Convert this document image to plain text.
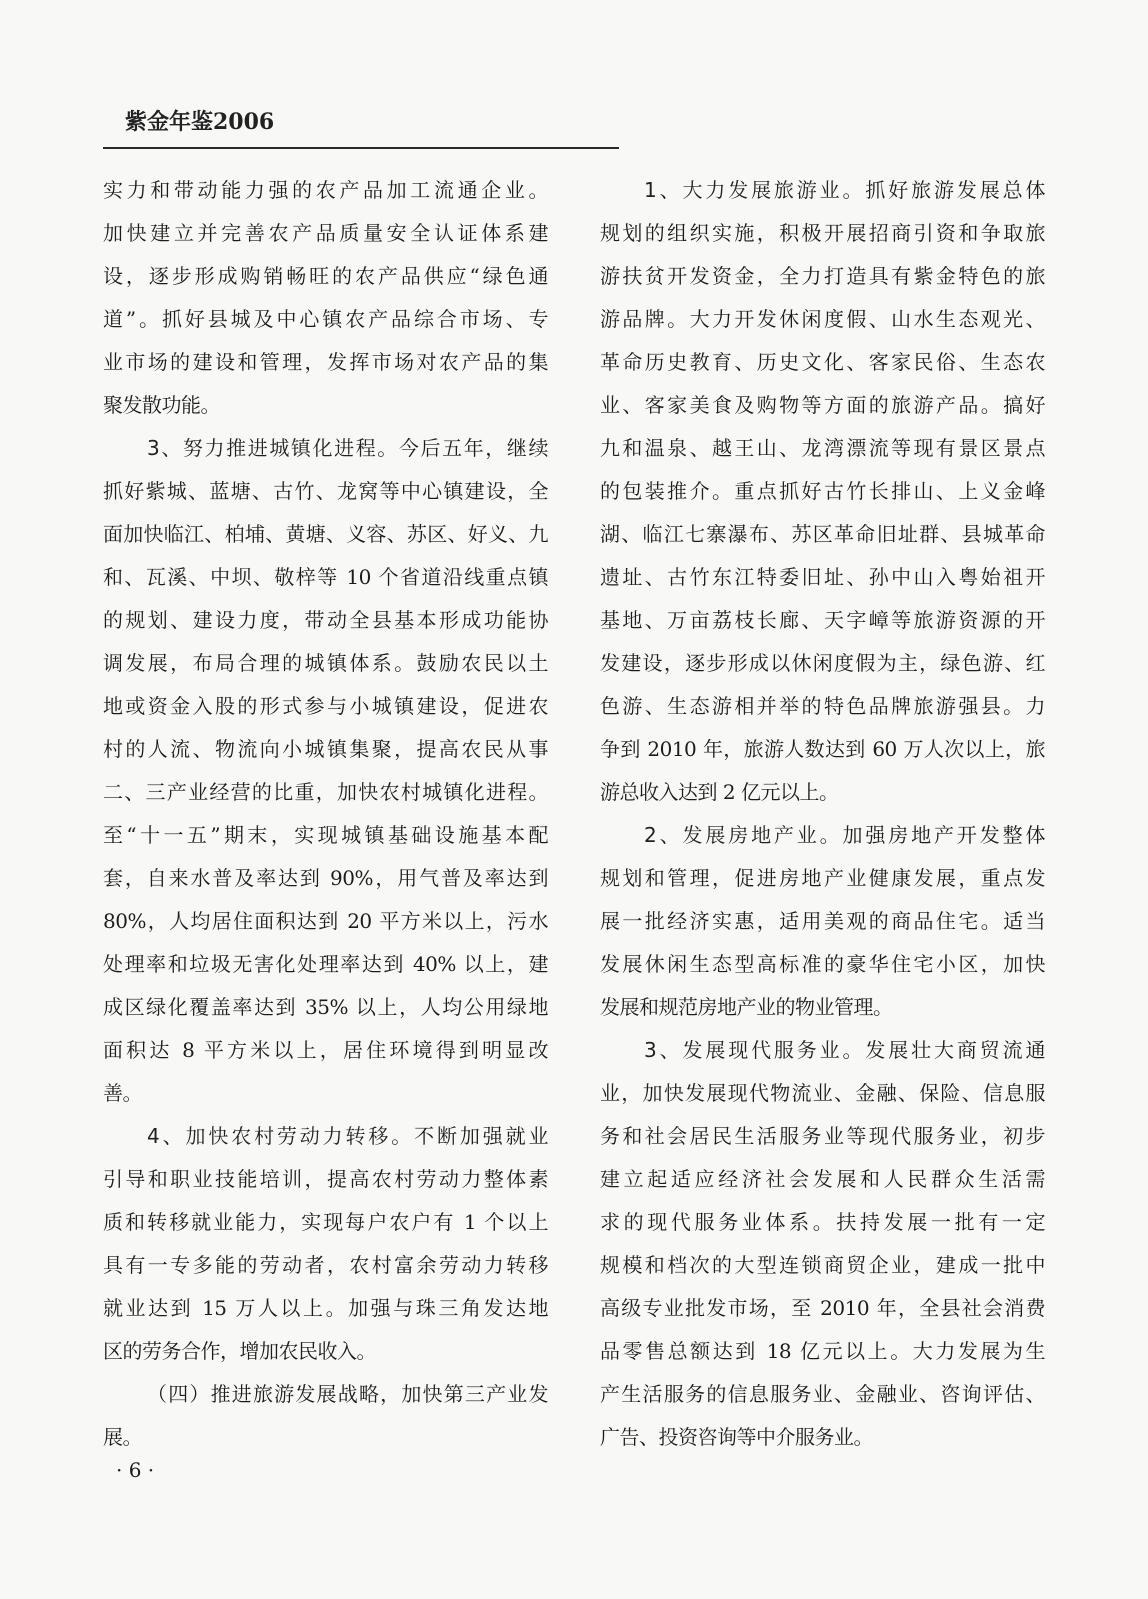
紫金年鉴2006
实力和带动能力强的农产品加工流通企业。
加快建立并完善农产品质量安全认证体系建
设，逐步形成购销畅旺的农产品供应“绿色通
道”。抓好县城及中心镇农产品综合市场、专
业市场的建设和管理，发挥市场对农产品的集
聚发散功能。
3、努力推进城镇化进程。今后五年，继续
抓好紫城、蓝塘、古竹、龙窝等中心镇建设，全
面加快临江、柏埔、黄塘、义容、苏区、好义、九
和、瓦溪、中坝、敬梓等 10 个省道沿线重点镇
的规划、建设力度，带动全县基本形成功能协
调发展，布局合理的城镇体系。鼓励农民以土
地或资金入股的形式参与小城镇建设，促进农
村的人流、物流向小城镇集聚，提高农民从事
二、三产业经营的比重，加快农村城镇化进程。
至“十一五”期末，实现城镇基础设施基本配
套，自来水普及率达到 90%，用气普及率达到
80%，人均居住面积达到 20 平方米以上，污水
处理率和垃圾无害化处理率达到 40% 以上，建
成区绿化覆盖率达到 35% 以上，人均公用绿地
面积达 8 平方米以上，居住环境得到明显改
善。
4、加快农村劳动力转移。不断加强就业
引导和职业技能培训，提高农村劳动力整体素
质和转移就业能力，实现每户农户有 1 个以上
具有一专多能的劳动者，农村富余劳动力转移
就业达到 15 万人以上。加强与珠三角发达地
区的劳务合作，增加农民收入。
（四）推进旅游发展战略，加快第三产业发
展。
1、大力发展旅游业。抓好旅游发展总体
规划的组织实施，积极开展招商引资和争取旅
游扶贫开发资金，全力打造具有紫金特色的旅
游品牌。大力开发休闲度假、山水生态观光、
革命历史教育、历史文化、客家民俗、生态农
业、客家美食及购物等方面的旅游产品。搞好
九和温泉、越王山、龙湾漂流等现有景区景点
的包装推介。重点抓好古竹长排山、上义金峰
湖、临江七寨瀑布、苏区革命旧址群、县城革命
遗址、古竹东江特委旧址、孙中山入粤始祖开
基地、万亩荔枝长廊、天字嶂等旅游资源的开
发建设，逐步形成以休闲度假为主，绿色游、红
色游、生态游相并举的特色品牌旅游强县。力
争到 2010 年，旅游人数达到 60 万人次以上，旅
游总收入达到 2 亿元以上。
2、发展房地产业。加强房地产开发整体
规划和管理，促进房地产业健康发展，重点发
展一批经济实惠，适用美观的商品住宅。适当
发展休闲生态型高标准的豪华住宅小区，加快
发展和规范房地产业的物业管理。
3、发展现代服务业。发展壮大商贸流通
业，加快发展现代物流业、金融、保险、信息服
务和社会居民生活服务业等现代服务业，初步
建立起适应经济社会发展和人民群众生活需
求的现代服务业体系。扶持发展一批有一定
规模和档次的大型连锁商贸企业，建成一批中
高级专业批发市场，至 2010 年，全县社会消费
品零售总额达到 18 亿元以上。大力发展为生
产生活服务的信息服务业、金融业、咨询评估、
广告、投资咨询等中介服务业。
· 6 ·
